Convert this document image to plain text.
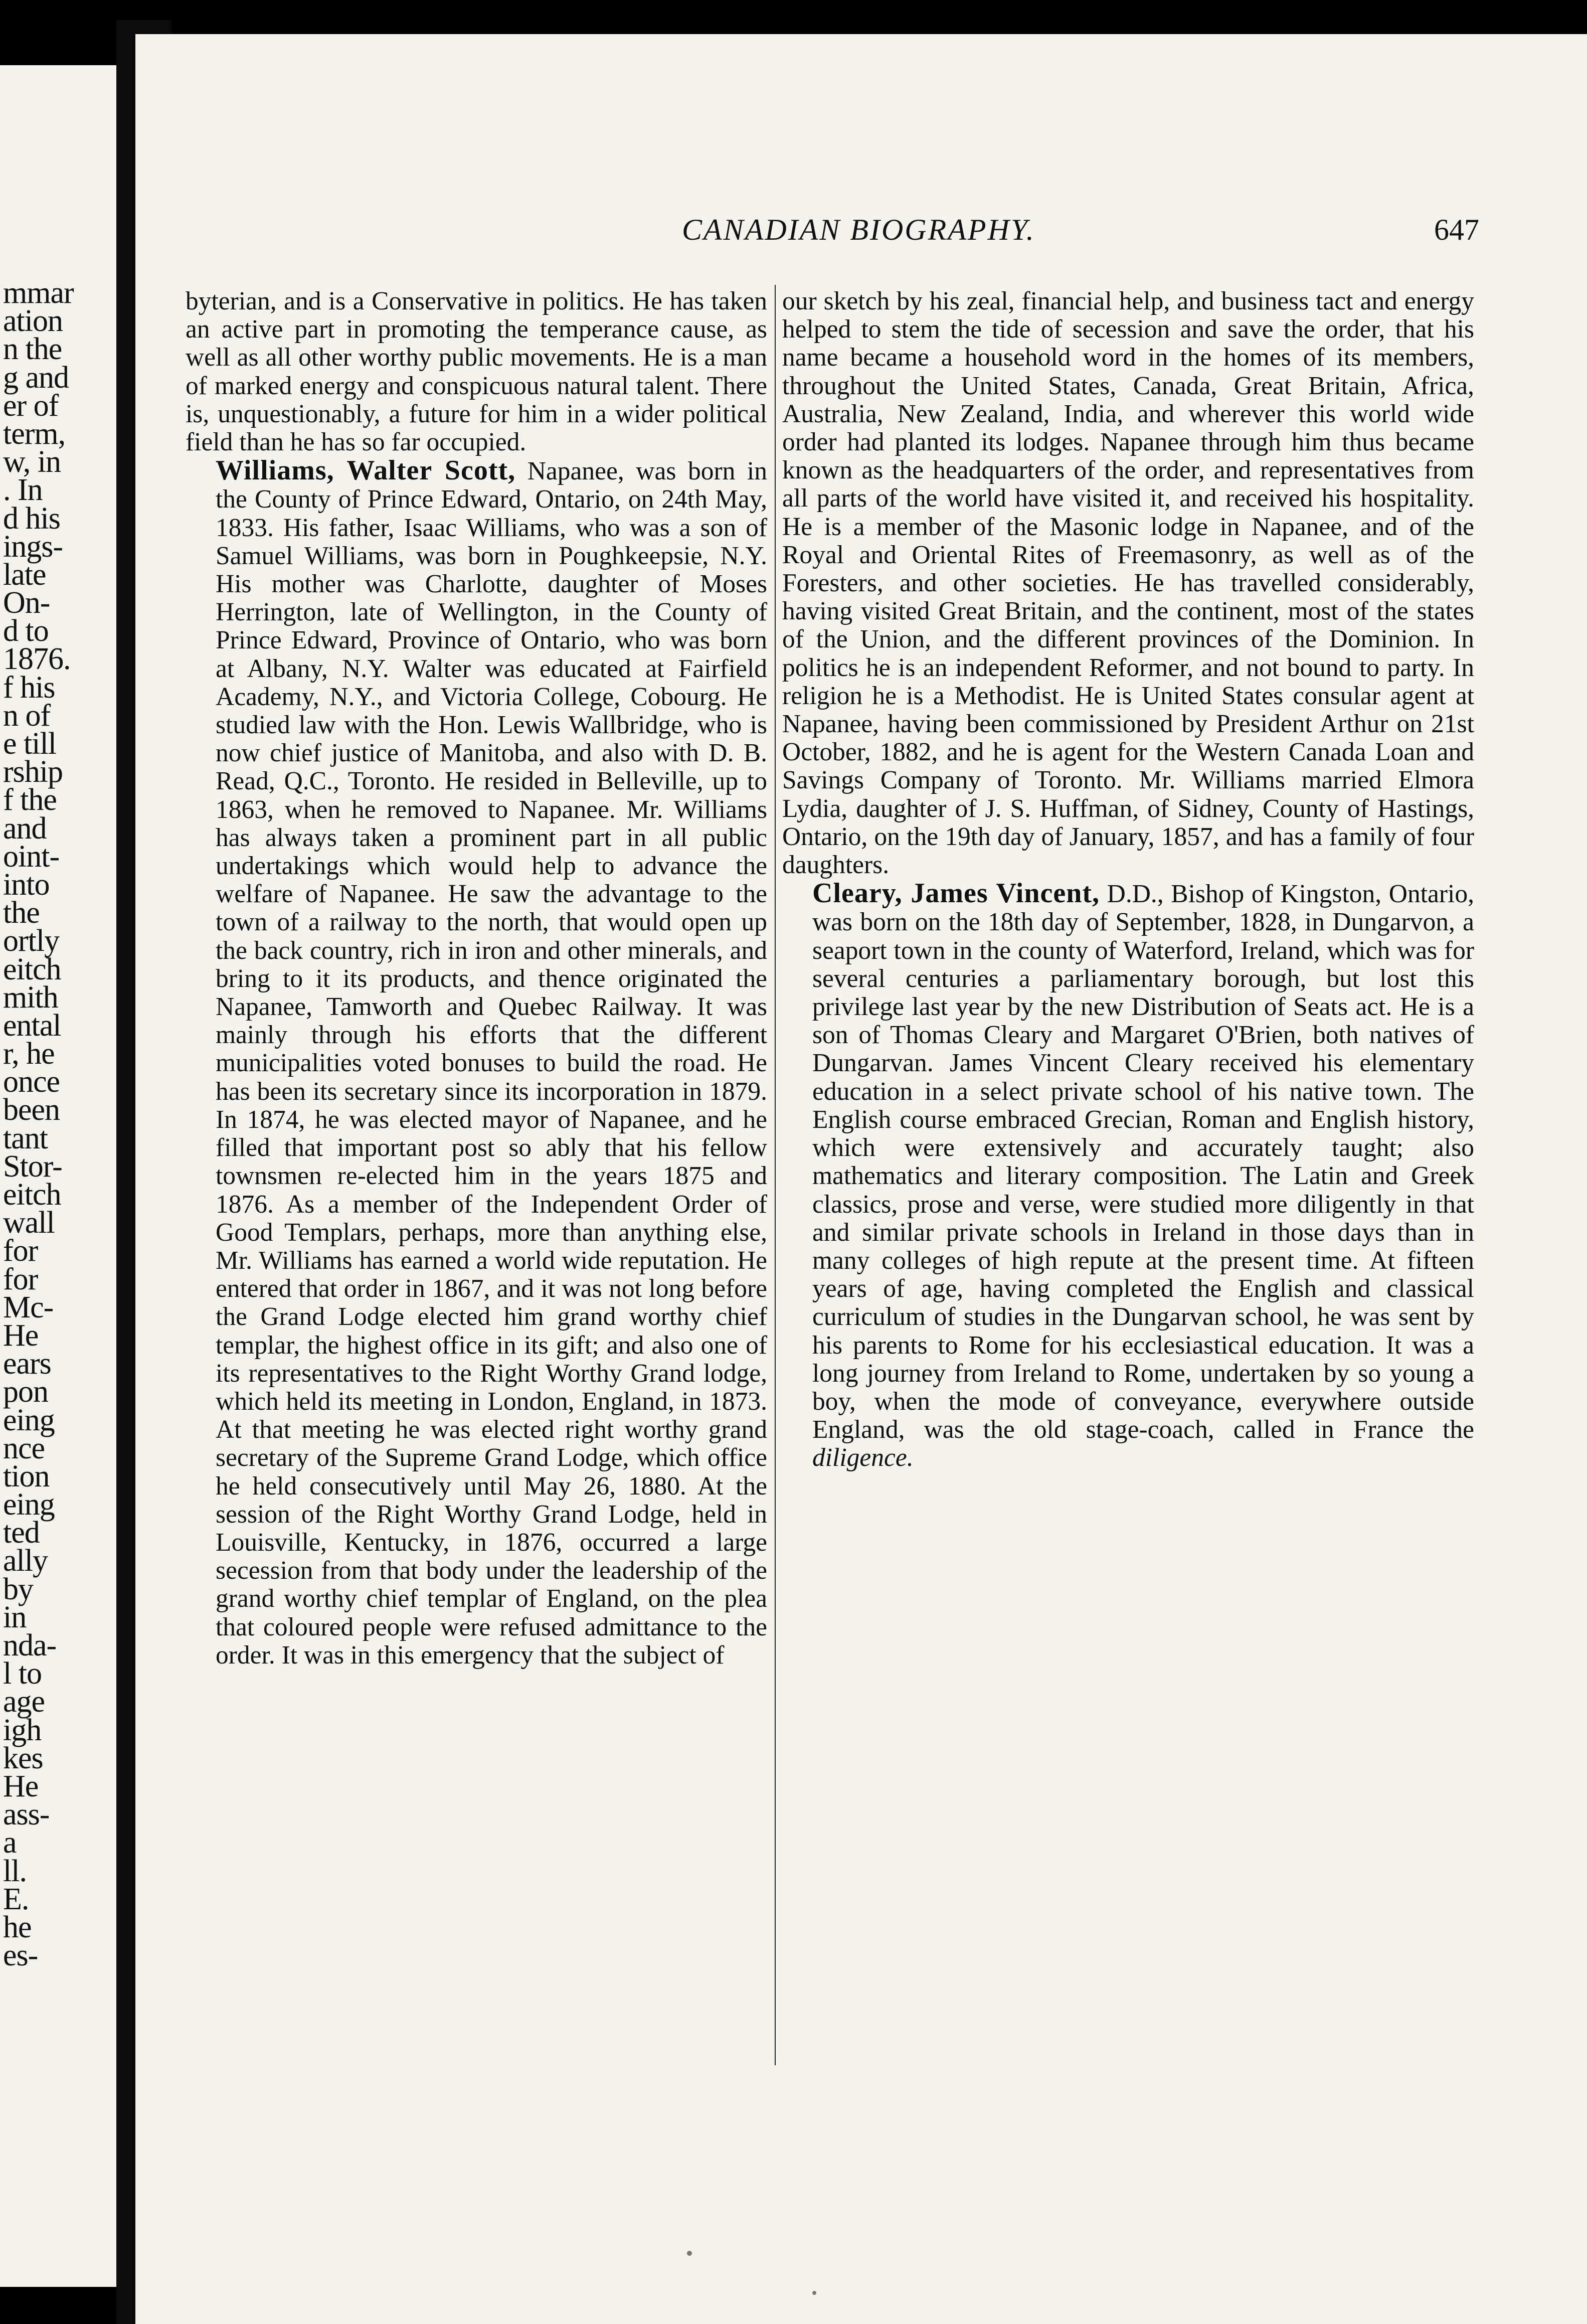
mmar
ation
n the
g and
er of
term,
w, in
. In
d his
ings-
late
On-
d to
1876.
f his
n of
e till
rship
f the
and
oint-
into
the
ortly
eitch
mith
ental
r, he
once
been
tant
Stor-
eitch
wall
for
for
Mc-
He
ears
pon
eing
nce
tion
eing
ted
ally
by
in
nda-
l to
age
igh
kes
He
ass-
a
ll.
E.
he
es-
CANADIAN BIOGRAPHY.	647

byterian, and is a Conservative in politics. He has taken an active part in promoting the temperance cause, as well as all other worthy public movements. He is a man of marked energy and conspicuous natural talent. There is, unquestionably, a future for him in a wider political field than he has so far occupied.

Williams, Walter Scott, Napanee, was born in the County of Prince Edward, Ontario, on 24th May, 1833. His father, Isaac Williams, who was a son of Samuel Williams, was born in Poughkeepsie, N.Y. His mother was Charlotte, daughter of Moses Herrington, late of Wellington, in the County of Prince Edward, Province of Ontario, who was born at Albany, N.Y. Walter was educated at Fairfield Academy, N.Y., and Victoria College, Cobourg. He studied law with the Hon. Lewis Wallbridge, who is now chief justice of Manitoba, and also with D. B. Read, Q.C., Toronto. He resided in Belleville, up to 1863, when he removed to Napanee. Mr. Williams has always taken a prominent part in all public undertakings which would help to advance the welfare of Napanee. He saw the advantage to the town of a railway to the north, that would open up the back country, rich in iron and other minerals, and bring to it its products, and thence originated the Napanee, Tamworth and Quebec Railway. It was mainly through his efforts that the different municipalities voted bonuses to build the road. He has been its secretary since its incorporation in 1879. In 1874, he was elected mayor of Napanee, and he filled that important post so ably that his fellow townsmen re-elected him in the years 1875 and 1876. As a member of the Independent Order of Good Templars, perhaps, more than anything else, Mr. Williams has earned a world wide reputation. He entered that order in 1867, and it was not long before the Grand Lodge elected him grand worthy chief templar, the highest office in its gift; and also one of its representatives to the Right Worthy Grand lodge, which held its meeting in London, England, in 1873. At that meeting he was elected right worthy grand secretary of the Supreme Grand Lodge, which office he held consecutively until May 26, 1880. At the session of the Right Worthy Grand Lodge, held in Louisville, Kentucky, in 1876, occurred a large secession from that body under the leadership of the grand worthy chief templar of England, on the plea that coloured people were refused admittance to the order. It was in this emergency that the subject of

our sketch by his zeal, financial help, and business tact and energy helped to stem the tide of secession and save the order, that his name became a household word in the homes of its members, throughout the United States, Canada, Great Britain, Africa, Australia, New Zealand, India, and wherever this world wide order had planted its lodges. Napanee through him thus became known as the headquarters of the order, and representatives from all parts of the world have visited it, and received his hospitality. He is a member of the Masonic lodge in Napanee, and of the Royal and Oriental Rites of Freemasonry, as well as of the Foresters, and other societies. He has travelled considerably, having visited Great Britain, and the continent, most of the states of the Union, and the different provinces of the Dominion. In politics he is an independent Reformer, and not bound to party. In religion he is a Methodist. He is United States consular agent at Napanee, having been commissioned by President Arthur on 21st October, 1882, and he is agent for the Western Canada Loan and Savings Company of Toronto. Mr. Williams married Elmora Lydia, daughter of J. S. Huffman, of Sidney, County of Hastings, Ontario, on the 19th day of January, 1857, and has a family of four daughters.

Cleary, James Vincent, D.D., Bishop of Kingston, Ontario, was born on the 18th day of September, 1828, in Dungarvon, a seaport town in the county of Waterford, Ireland, which was for several centuries a parliamentary borough, but lost this privilege last year by the new Distribution of Seats act. He is a son of Thomas Cleary and Margaret O'Brien, both natives of Dungarvan. James Vincent Cleary received his elementary education in a select private school of his native town. The English course embraced Grecian, Roman and English history, which were extensively and accurately taught; also mathematics and literary composition. The Latin and Greek classics, prose and verse, were studied more diligently in that and similar private schools in Ireland in those days than in many colleges of high repute at the present time. At fifteen years of age, having completed the English and classical curriculum of studies in the Dungarvan school, he was sent by his parents to Rome for his ecclesiastical education. It was a long journey from Ireland to Rome, undertaken by so young a boy, when the mode of conveyance, everywhere outside England, was the old stage-coach, called in France the diligence.
